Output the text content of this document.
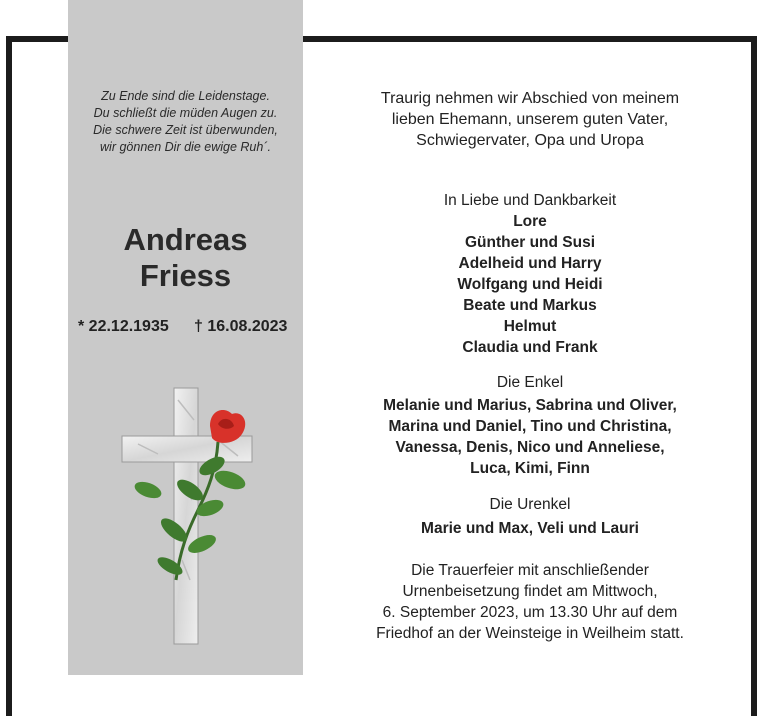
Zu Ende sind die Leidenstage.
Du schließt die müden Augen zu.
Die schwere Zeit ist überwunden,
wir gönnen Dir die ewige Ruh´.
Andreas
Friess
* 22.12.1935 † 16.08.2023
Traurig nehmen wir Abschied von meinem
lieben Ehemann, unserem guten Vater,
Schwiegervater, Opa und Uropa
In Liebe und Dankbarkeit
Lore
Günther und Susi
Adelheid und Harry
Wolfgang und Heidi
Beate und Markus
Helmut
Claudia und Frank
Die Enkel
Melanie und Marius, Sabrina und Oliver,
Marina und Daniel, Tino und Christina,
Vanessa, Denis, Nico und Anneliese,
Luca, Kimi, Finn
Die Urenkel
Marie und Max, Veli und Lauri
Die Trauerfeier mit anschließender
Urnenbeisetzung findet am Mittwoch,
6. September 2023, um 13.30 Uhr auf dem
Friedhof an der Weinsteige in Weilheim statt.
